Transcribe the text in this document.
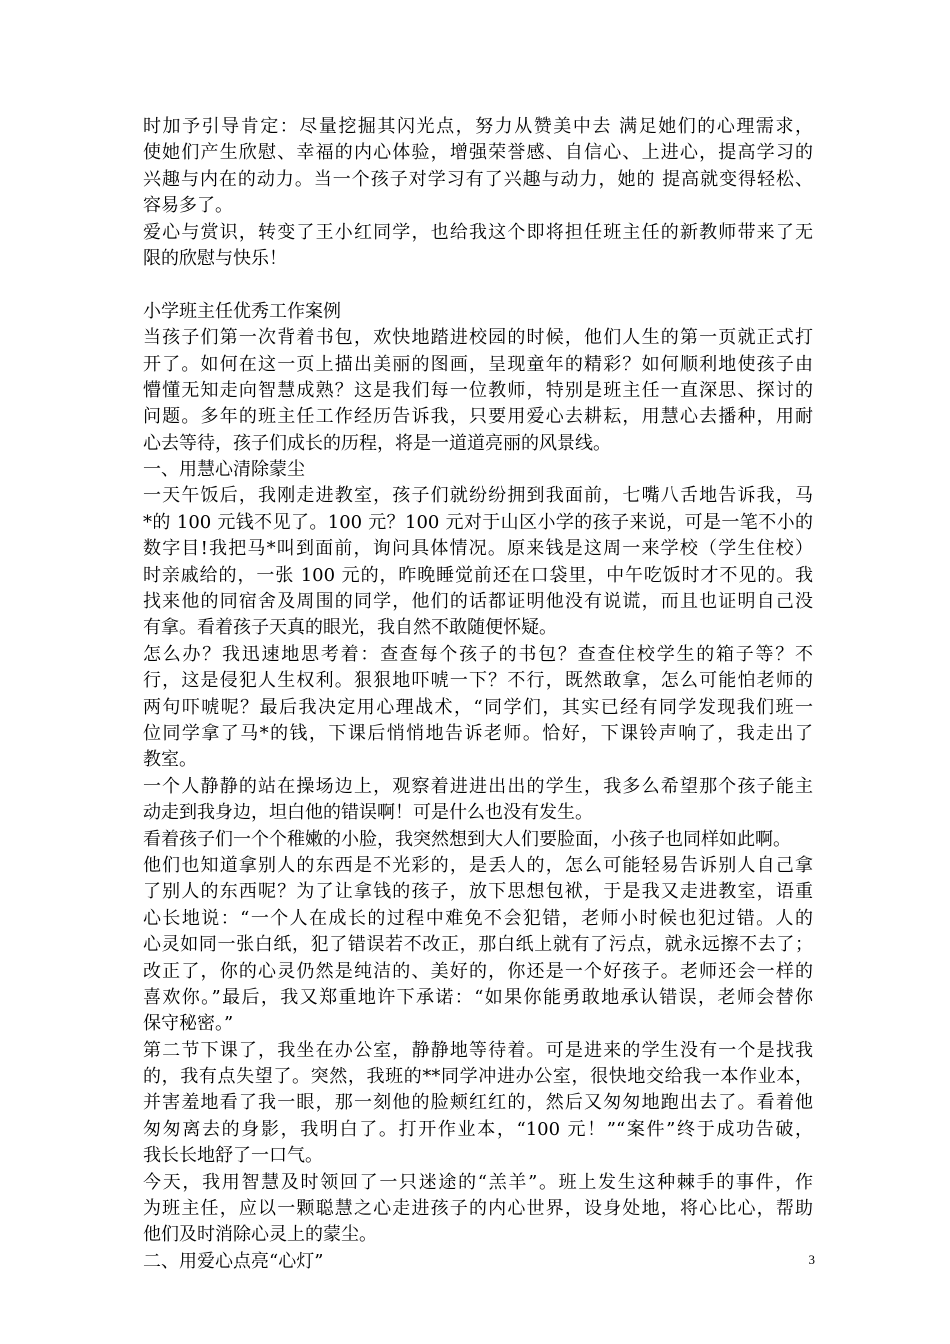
时加予引导肯定：尽量挖掘其闪光点，努力从赞美中去 满足她们的心理需求，
使她们产生欣慰、幸福的内心体验，增强荣誉感、自信心、上进心，提高学习的
兴趣与内在的动力。当一个孩子对学习有了兴趣与动力，她的 提高就变得轻松、
容易多了。
爱心与赏识，转变了王小红同学，也给我这个即将担任班主任的新教师带来了无
限的欣慰与快乐！
小学班主任优秀工作案例
当孩子们第一次背着书包，欢快地踏进校园的时候，他们人生的第一页就正式打
开了。如何在这一页上描出美丽的图画，呈现童年的精彩？如何顺利地使孩子由
懵懂无知走向智慧成熟？这是我们每一位教师，特别是班主任一直深思、探讨的
问题。多年的班主任工作经历告诉我，只要用爱心去耕耘，用慧心去播种，用耐
心去等待，孩子们成长的历程，将是一道道亮丽的风景线。
一、用慧心清除蒙尘
一天午饭后，我刚走进教室，孩子们就纷纷拥到我面前，七嘴八舌地告诉我，马
*的 100 元钱不见了。100 元？100 元对于山区小学的孩子来说，可是一笔不小的
数字目!我把马*叫到面前，询问具体情况。原来钱是这周一来学校（学生住校）
时亲戚给的，一张 100 元的，昨晚睡觉前还在口袋里，中午吃饭时才不见的。我
找来他的同宿舍及周围的同学，他们的话都证明他没有说谎，而且也证明自己没
有拿。看着孩子天真的眼光，我自然不敢随便怀疑。
怎么办？我迅速地思考着：查查每个孩子的书包？查查住校学生的箱子等？不
行，这是侵犯人生权利。狠狠地吓唬一下？不行，既然敢拿，怎么可能怕老师的
两句吓唬呢？最后我决定用心理战术，“同学们，其实已经有同学发现我们班一
位同学拿了马*的钱，下课后悄悄地告诉老师。恰好，下课铃声响了，我走出了
教室。
一个人静静的站在操场边上，观察着进进出出的学生，我多么希望那个孩子能主
动走到我身边，坦白他的错误啊！可是什么也没有发生。
看着孩子们一个个稚嫩的小脸，我突然想到大人们要脸面，小孩子也同样如此啊。
他们也知道拿别人的东西是不光彩的，是丢人的，怎么可能轻易告诉别人自己拿
了别人的东西呢？为了让拿钱的孩子，放下思想包袱，于是我又走进教室，语重
心长地说：“一个人在成长的过程中难免不会犯错，老师小时候也犯过错。人的
心灵如同一张白纸，犯了错误若不改正，那白纸上就有了污点，就永远擦不去了；
改正了，你的心灵仍然是纯洁的、美好的，你还是一个好孩子。老师还会一样的
喜欢你。”最后，我又郑重地许下承诺：“如果你能勇敢地承认错误，老师会替你
保守秘密。”
第二节下课了，我坐在办公室，静静地等待着。可是进来的学生没有一个是找我
的，我有点失望了。突然，我班的**同学冲进办公室，很快地交给我一本作业本，
并害羞地看了我一眼，那一刻他的脸颊红红的，然后又匆匆地跑出去了。看着他
匆匆离去的身影，我明白了。打开作业本，“100 元！”“案件”终于成功告破，
我长长地舒了一口气。
今天，我用智慧及时领回了一只迷途的“羔羊”。班上发生这种棘手的事件，作
为班主任，应以一颗聪慧之心走进孩子的内心世界，设身处地，将心比心，帮助
他们及时消除心灵上的蒙尘。
二、用爱心点亮“心灯”	3
